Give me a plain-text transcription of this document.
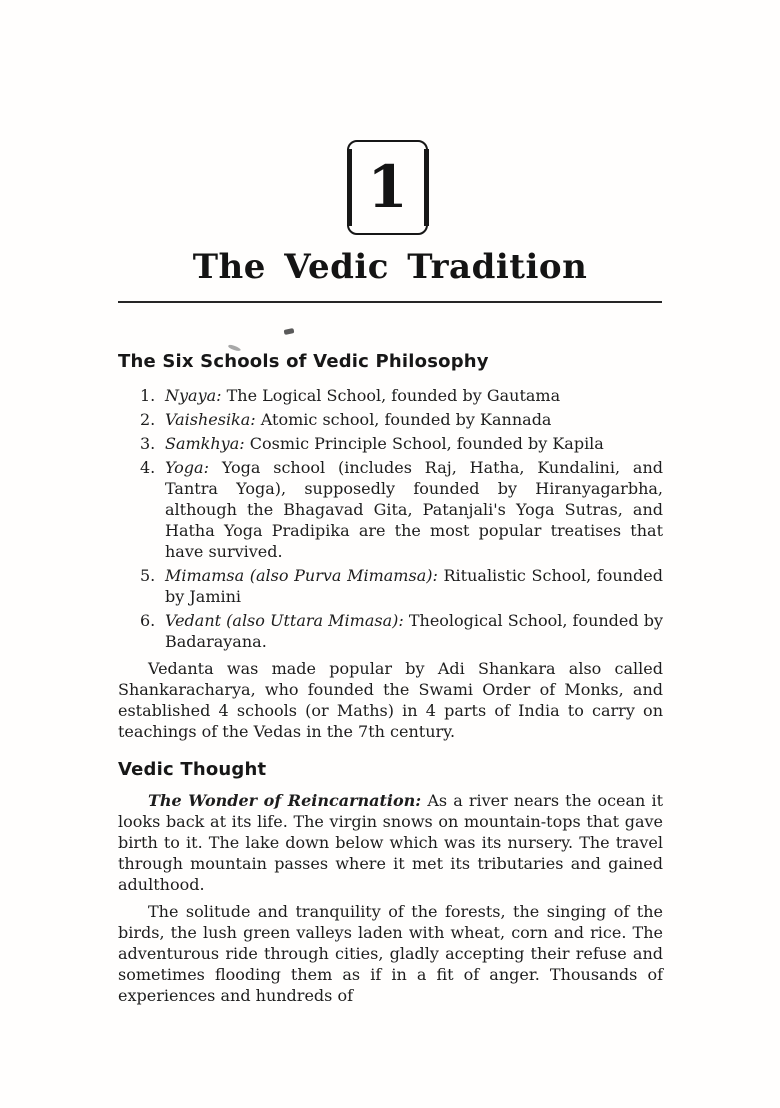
1
The Vedic Tradition
The Six Schools of Vedic Philosophy
1. Nyaya: The Logical School, founded by Gautama
2. Vaishesika: Atomic school, founded by Kannada
3. Samkhya: Cosmic Principle School, founded by Kapila
4. Yoga: Yoga school (includes Raj, Hatha, Kundalini, and Tantra Yoga), supposedly founded by Hiranyagarbha, although the Bhagavad Gita, Patanjali's Yoga Sutras, and Hatha Yoga Pradipika are the most popular treatises that have survived.
5. Mimamsa (also Purva Mimamsa): Ritualistic School, founded by Jamini
6. Vedant (also Uttara Mimasa): Theological School, founded by Badarayana.

Vedanta was made popular by Adi Shankara also called Shankaracharya, who founded the Swami Order of Monks, and established 4 schools (or Maths) in 4 parts of India to carry on teachings of the Vedas in the 7th century.

Vedic Thought

The Wonder of Reincarnation: As a river nears the ocean it looks back at its life. The virgin snows on mountain-tops that gave birth to it. The lake down below which was its nursery. The travel through mountain passes where it met its tributaries and gained adulthood.

The solitude and tranquility of the forests, the singing of the birds, the lush green valleys laden with wheat, corn and rice. The adventurous ride through cities, gladly accepting their refuse and sometimes flooding them as if in a fit of anger. Thousands of experiences and hundreds of
